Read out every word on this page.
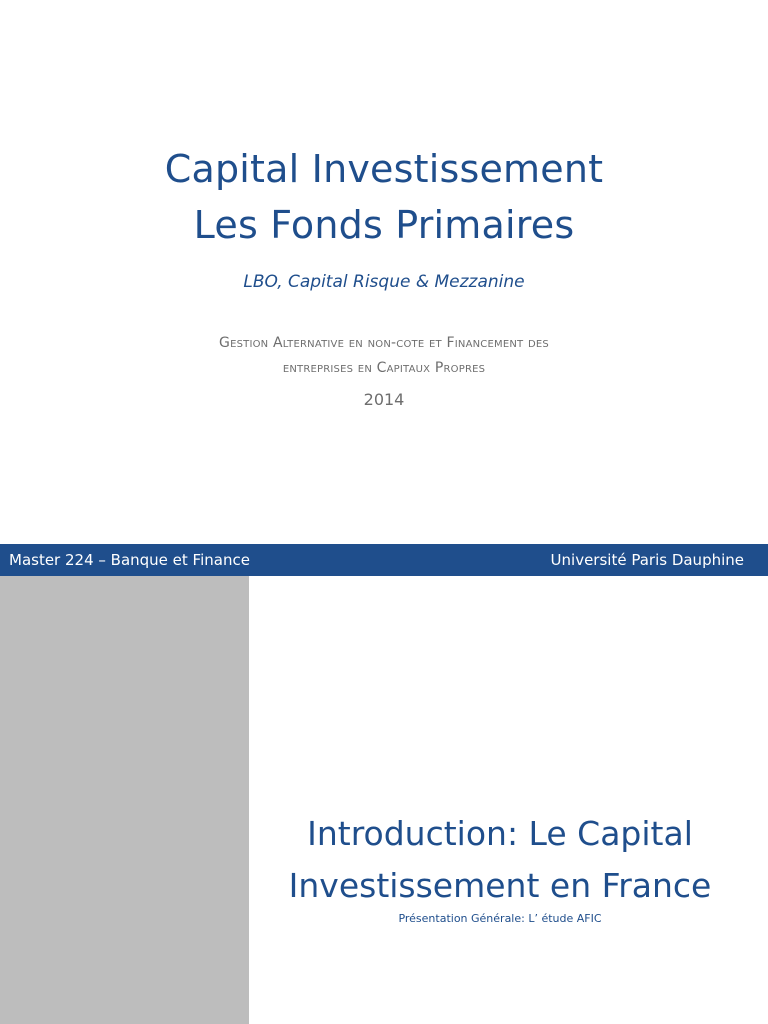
Capital Investissement
Les Fonds Primaires
LBO, Capital Risque & Mezzanine
Gestion Alternative en non-cote et Financement des
entreprises en Capitaux Propres
2014
Master 224 – Banque et Finance	Université Paris Dauphine
Introduction: Le Capital
Investissement en France
Présentation Générale: L’ étude AFIC
